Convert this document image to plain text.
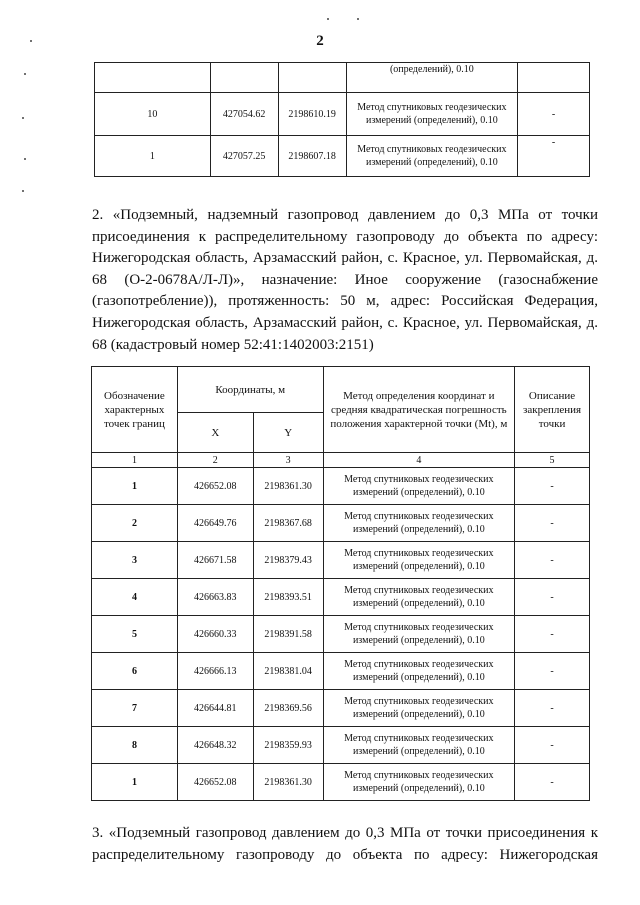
2
			(определений), 0.10	
10	427054.62	2198610.19	Метод спутниковых геодезических измерений (определений), 0.10	-
1	427057.25	2198607.18	Метод спутниковых геодезических измерений (определений), 0.10	-
2. «Подземный, надземный газопровод давлением до 0,3 МПа от точки присоединения к распределительному газопроводу до объекта по адресу: Нижегородская область, Арзамасский район, с. Красное, ул. Первомайская, д. 68 (О-2-0678А/Л-Л)», назначение: Иное сооружение (газоснабжение (газопотребление)), протяженность: 50 м, адрес: Российская Федерация, Нижегородская область, Арзамасский район, с. Красное, ул. Первомайская, д. 68 (кадастровый номер 52:41:1402003:2151)
Обозначение характерных точек границ	Координаты, м		Метод определения координат и средняя квадратическая погрешность положения характерной точки (Mt), м	Описание закрепления точки
	X	Y		
1	2	3	4	5
1	426652.08	2198361.30	Метод спутниковых геодезических измерений (определений), 0.10	-
2	426649.76	2198367.68	Метод спутниковых геодезических измерений (определений), 0.10	-
3	426671.58	2198379.43	Метод спутниковых геодезических измерений (определений), 0.10	-
4	426663.83	2198393.51	Метод спутниковых геодезических измерений (определений), 0.10	-
5	426660.33	2198391.58	Метод спутниковых геодезических измерений (определений), 0.10	-
6	426666.13	2198381.04	Метод спутниковых геодезических измерений (определений), 0.10	-
7	426644.81	2198369.56	Метод спутниковых геодезических измерений (определений), 0.10	-
8	426648.32	2198359.93	Метод спутниковых геодезических измерений (определений), 0.10	-
1	426652.08	2198361.30	Метод спутниковых геодезических измерений (определений), 0.10	-
3. «Подземный газопровод давлением до 0,3 МПа от точки присоединения к распределительному газопроводу до объекта по адресу: Нижегородская
